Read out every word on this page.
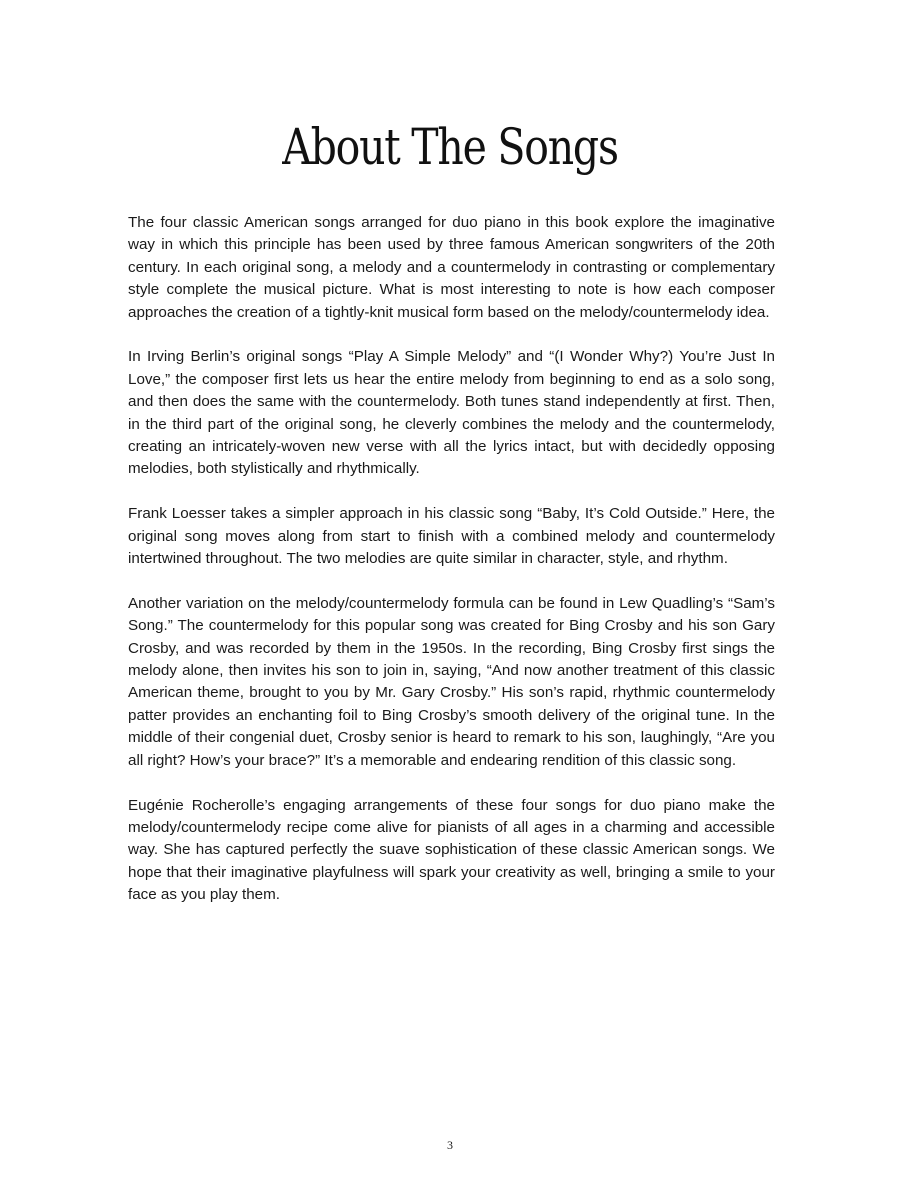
About The Songs

The four classic American songs arranged for duo piano in this book explore the imaginative way in which this principle has been used by three famous American songwriters of the 20th century. In each original song, a melody and a countermelody in contrasting or complementary style complete the musical picture. What is most interesting to note is how each composer approaches the creation of a tightly-knit musical form based on the melody/countermelody idea.

In Irving Berlin’s original songs “Play A Simple Melody” and “(I Wonder Why?) You’re Just In Love,” the composer first lets us hear the entire melody from beginning to end as a solo song, and then does the same with the countermelody. Both tunes stand independently at first. Then, in the third part of the original song, he cleverly combines the melody and the countermelody, creating an intricately-woven new verse with all the lyrics intact, but with decidedly opposing melodies, both stylistically and rhythmically.

Frank Loesser takes a simpler approach in his classic song “Baby, It’s Cold Outside.” Here, the original song moves along from start to finish with a combined melody and countermelody intertwined throughout. The two melodies are quite similar in character, style, and rhythm.

Another variation on the melody/countermelody formula can be found in Lew Quadling’s “Sam’s Song.” The countermelody for this popular song was created for Bing Crosby and his son Gary Crosby, and was recorded by them in the 1950s. In the recording, Bing Crosby first sings the melody alone, then invites his son to join in, saying, “And now another treatment of this classic American theme, brought to you by Mr. Gary Crosby.” His son’s rapid, rhythmic countermelody patter provides an enchanting foil to Bing Crosby’s smooth delivery of the original tune. In the middle of their congenial duet, Crosby senior is heard to remark to his son, laughingly, “Are you all right? How’s your brace?” It’s a memorable and endearing rendition of this classic song.

Eugénie Rocherolle’s engaging arrangements of these four songs for duo piano make the melody/countermelody recipe come alive for pianists of all ages in a charming and accessible way. She has captured perfectly the suave sophistication of these classic American songs. We hope that their imaginative playfulness will spark your creativity as well, bringing a smile to your face as you play them.

3
